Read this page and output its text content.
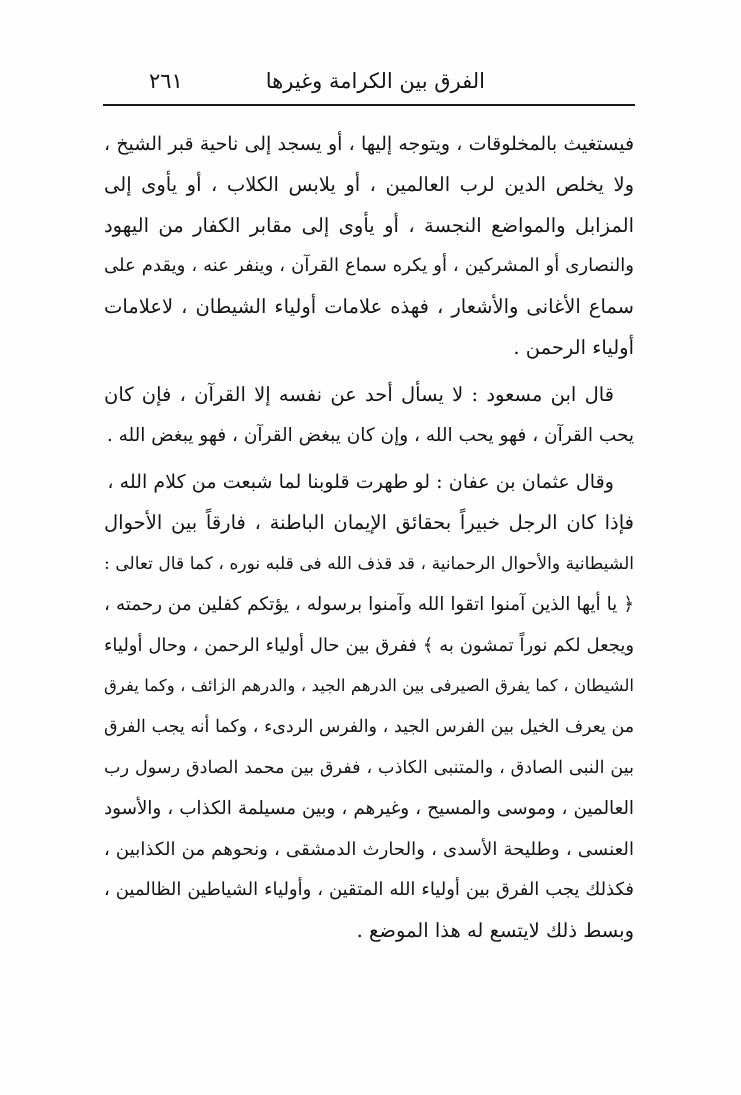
الفرق بين الكرامة وغيرها
٢٦١

فيستغيث بالمخلوقات ، ويتوجه إليها ، أو يسجد إلى ناحية قبر الشيخ ،
ولا يخلص الدين لرب العالمين ، أو يلابس الكلاب ، أو يأوى إلى
المزابل والمواضع النجسة ، أو يأوى إلى مقابر الكفار من اليهود
والنصارى أو المشركين ، أو يكره سماع القرآن ، وينفر عنه ، ويقدم على
سماع الأغانى والأشعار ، فهذه علامات أولياء الشيطان ، لاعلامات
أولياء الرحمن .

قال ابن مسعود : لا يسأل أحد عن نفسه إلا القرآن ، فإن كان
يحب القرآن ، فهو يحب الله ، وإن كان يبغض القرآن ، فهو يبغض الله .

وقال عثمان بن عفان : لو طهرت قلوبنا لما شبعت من كلام الله ،

فإذا كان الرجل خبيراً بحقائق الإيمان الباطنة ، فارقاً بين الأحوال
الشيطانية والأحوال الرحمانية ، قد قذف الله فى قلبه نوره ، كما قال تعالى :
﴿ يا أيها الذين آمنوا اتقوا الله وآمنوا برسوله ، يؤتكم كفلين من رحمته ،
ويجعل لكم نوراً تمشون به ﴾ ففرق بين حال أولياء الرحمن ، وحال أولياء
الشيطان ، كما يفرق الصيرفى بين الدرهم الجيد ، والدرهم الزائف ، وكما يفرق
من يعرف الخيل بين الفرس الجيد ، والفرس الردىء ، وكما أنه يجب الفرق
بين النبى الصادق ، والمتنبى الكاذب ، ففرق بين محمد الصادق رسول رب
العالمين ، وموسى والمسيح ، وغيرهم ، وبين مسيلمة الكذاب ، والأسود
العنسى ، وطليحة الأسدى ، والحارث الدمشقى ، ونحوهم من الكذابين ،
فكذلك يجب الفرق بين أولياء الله المتقين ، وأولياء الشياطين الظالمين ،
وبسط ذلك لايتسع له هذا الموضع .
